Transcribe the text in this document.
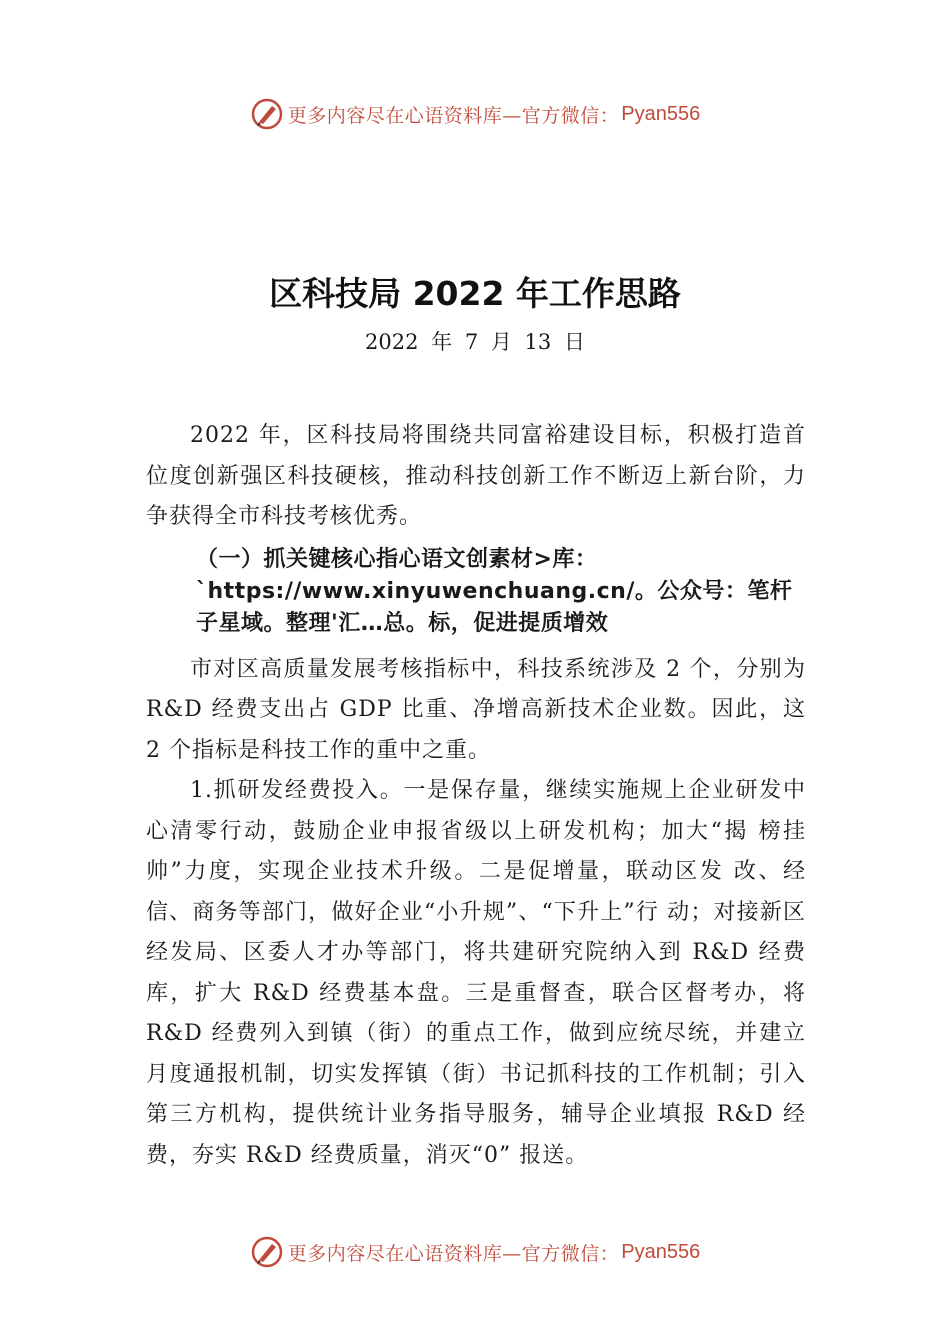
更多内容尽在心语资料库—官方微信： Pyan556
区科技局 2022 年工作思路
2022 年 7 月 13 日

2022 年，区科技局将围绕共同富裕建设目标，积极打造首位度创新强区科技硬核，推动科技创新工作不断迈上新台阶，力争获得全市科技考核优秀。

（一）抓关键核心指心语文创素材>库：`https://www.xinyuwenchuang.cn/。公众号：笔杆子星域。整理'汇…总。标，促进提质增效

市对区高质量发展考核指标中，科技系统涉及 2 个，分别为 R&D 经费支出占 GDP 比重、净增高新技术企业数。因此，这 2 个指标是科技工作的重中之重。

1.抓研发经费投入。一是保存量，继续实施规上企业研发中心清零行动，鼓励企业申报省级以上研发机构；加大“揭 榜挂帅”力度，实现企业技术升级。二是促增量，联动区发 改、经信、商务等部门，做好企业“小升规”、“下升上”行 动；对接新区经发局、区委人才办等部门，将共建研究院纳入到 R&D 经费库，扩大 R&D 经费基本盘。三是重督查，联合区督考办，将 R&D 经费列入到镇（街）的重点工作，做到应统尽统，并建立月度通报机制，切实发挥镇（街）书记抓科技的工作机制；引入第三方机构，提供统计业务指导服务，辅导企业填报 R&D 经费，夯实 R&D 经费质量，消灭“0” 报送。

更多内容尽在心语资料库—官方微信： Pyan556
